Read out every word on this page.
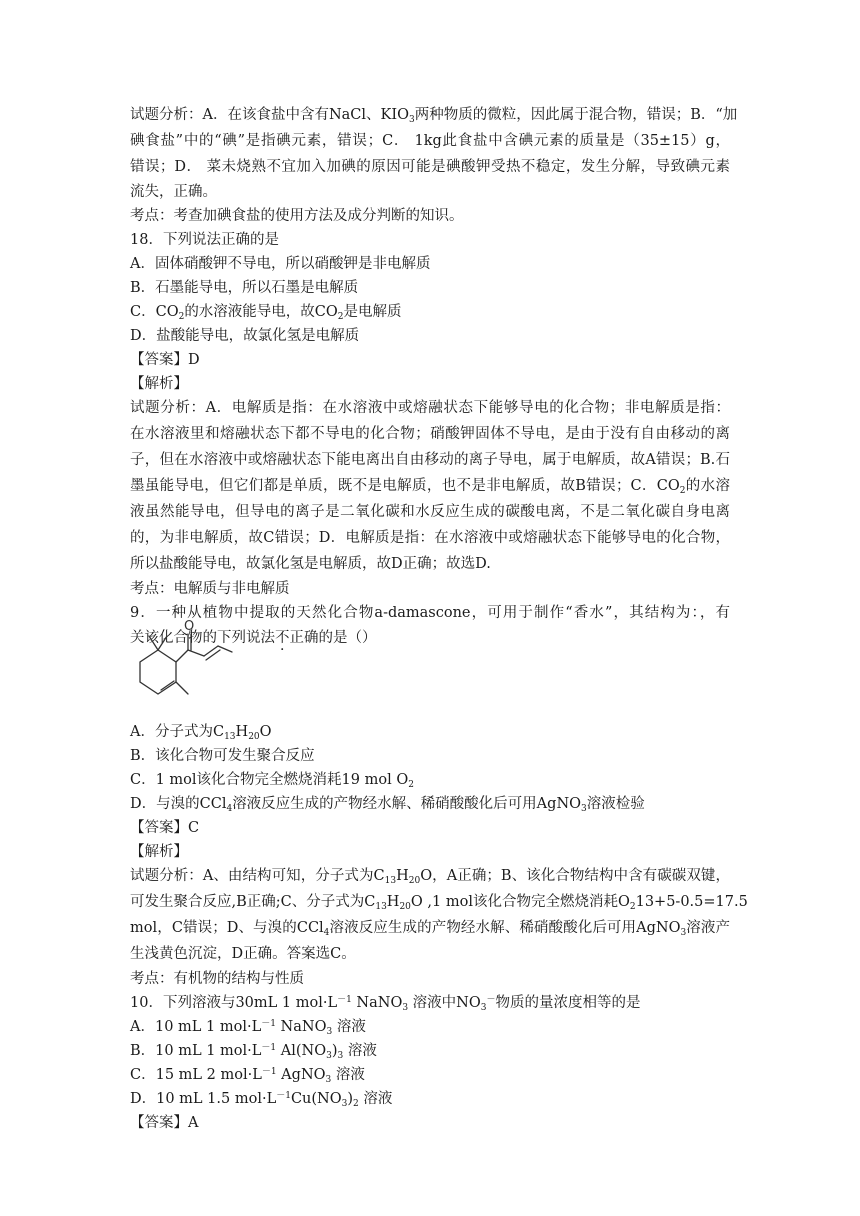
试题分析：A．在该食盐中含有NaCl、$KIO_3$两种物质的微粒，因此属于混合物，错误；B．“加
碘食盐”中的“碘”是指碘元素，错误；C． 1kg此食盐中含碘元素的质量是（35±15）g，
错误；D． 菜未烧熟不宜加入加碘的原因可能是碘酸钾受热不稳定，发生分解，导致碘元素
流失，正确。
考点：考查加碘食盐的使用方法及成分判断的知识。
18．下列说法正确的是
A．固体硝酸钾不导电，所以硝酸钾是非电解质
B．石墨能导电，所以石墨是电解质
C．$CO_2$的水溶液能导电，故$CO_2$是电解质
D．盐酸能导电，故氯化氢是电解质
【答案】D
【解析】
试题分析：A．电解质是指：在水溶液中或熔融状态下能够导电的化合物；非电解质是指：
在水溶液里和熔融状态下都不导电的化合物；硝酸钾固体不导电，是由于没有自由移动的离
子，但在水溶液中或熔融状态下能电离出自由移动的离子导电，属于电解质，故A错误；B.石
墨虽能导电，但它们都是单质，既不是电解质，也不是非电解质，故B错误；C．$CO_2$的水溶
液虽然能导电，但导电的离子是二氧化碳和水反应生成的碳酸电离，不是二氧化碳自身电离
的，为非电解质，故C错误；D．电解质是指：在水溶液中或熔融状态下能够导电的化合物，
所以盐酸能导电，故氯化氢是电解质，故D正确；故选D.
考点：电解质与非电解质
9．一种从植物中提取的天然化合物a-damascone，可用于制作“香水”，其结构为：，有
关该化合物的下列说法不正确的是（）
O
A．分子式为$C_{13}H_{20}O$
B．该化合物可发生聚合反应
C．1 mol该化合物完全燃烧消耗19 mol $O_2$
D．与溴的CCl$_4$溶液反应生成的产物经水解、稀硝酸酸化后可用AgNO$_3$溶液检验
【答案】C
【解析】
试题分析：A、由结构可知，分子式为$C_{13}H_{20}O$，A正确；B、该化合物结构中含有碳碳双键，
可发生聚合反应,B正确;C、分子式为$C_{13}H_{20}O$ ,1 mol该化合物完全燃烧消耗$O_213+5-0.5=17.5$
mol，C错误；D、与溴的CCl$_4$溶液反应生成的产物经水解、稀硝酸酸化后可用AgNO$_3$溶液产
生浅黄色沉淀，D正确。答案选C。
考点：有机物的结构与性质
10．下列溶液与30mL 1 $mol\cdot L^{-1}$ NaNO$_3$ 溶液中$NO_3^-$物质的量浓度相等的是
A．10 mL 1 $mol\cdot L^{-1}$ NaNO$_3$ 溶液
B．10 mL 1 $mol\cdot L^{-1}$ $Al(NO_3)_3$ 溶液
C．15 mL 2 $mol\cdot L^{-1}$ AgNO$_3$ 溶液
D．10 mL 1.5 $mol\cdot L^{-1}Cu(NO_3)_2$ 溶液
【答案】A
